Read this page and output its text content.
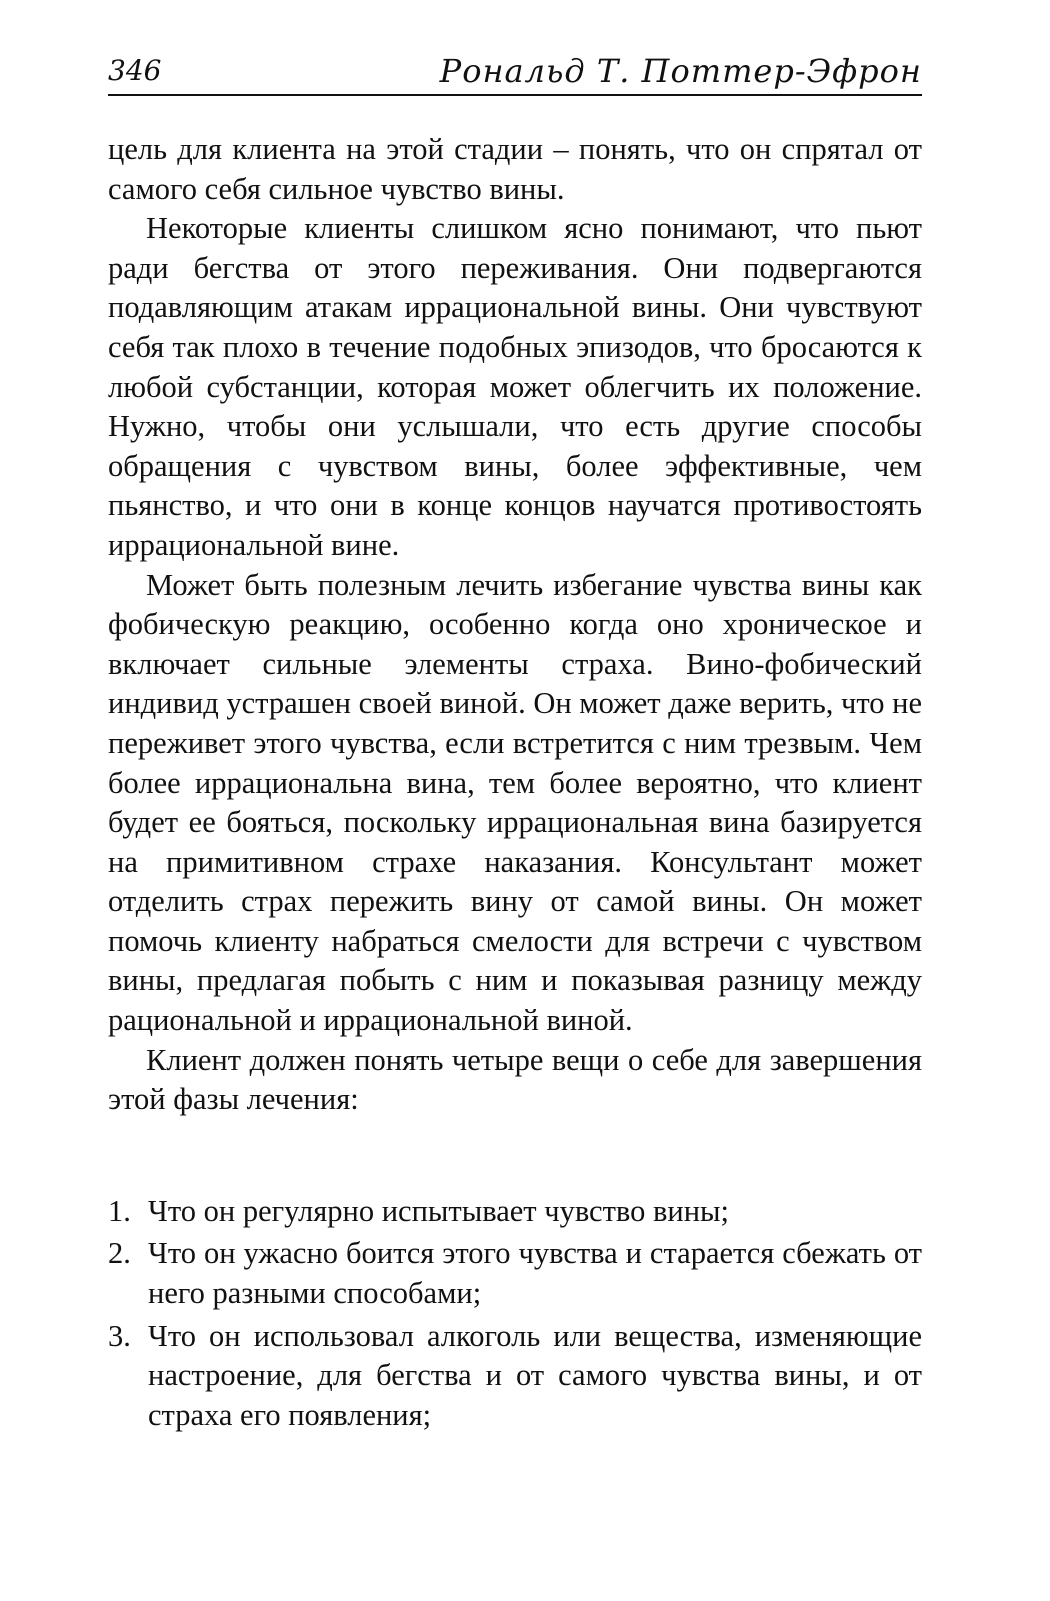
346	Рональд Т. Поттер-Эфрон

цель для клиента на этой стадии – понять, что он спрятал от самого себя сильное чувство вины.

Некоторые клиенты слишком ясно понимают, что пьют ради бегства от этого переживания. Они подвергаются подавляющим атакам иррациональной вины. Они чувствуют себя так плохо в течение подобных эпизодов, что бросаются к любой субстанции, которая может облегчить их положение. Нужно, чтобы они услышали, что есть другие способы обращения с чувством вины, более эффективные, чем пьянство, и что они в конце концов научатся противостоять иррациональной вине.

Может быть полезным лечить избегание чувства вины как фобическую реакцию, особенно когда оно хроническое и включает сильные элементы страха. Вино-фобический индивид устрашен своей виной. Он может даже верить, что не переживет этого чувства, если встретится с ним трезвым. Чем более иррациональна вина, тем более вероятно, что клиент будет ее бояться, поскольку иррациональная вина базируется на примитивном страхе наказания. Консультант может отделить страх пережить вину от самой вины. Он может помочь клиенту набраться смелости для встречи с чувством вины, предлагая побыть с ним и показывая разницу между рациональной и иррациональной виной.

Клиент должен понять четыре вещи о себе для завершения этой фазы лечения:

1. Что он регулярно испытывает чувство вины;
2. Что он ужасно боится этого чувства и старается сбежать от него разными способами;
3. Что он использовал алкоголь или вещества, изменяющие настроение, для бегства и от самого чувства вины, и от страха его появления;
